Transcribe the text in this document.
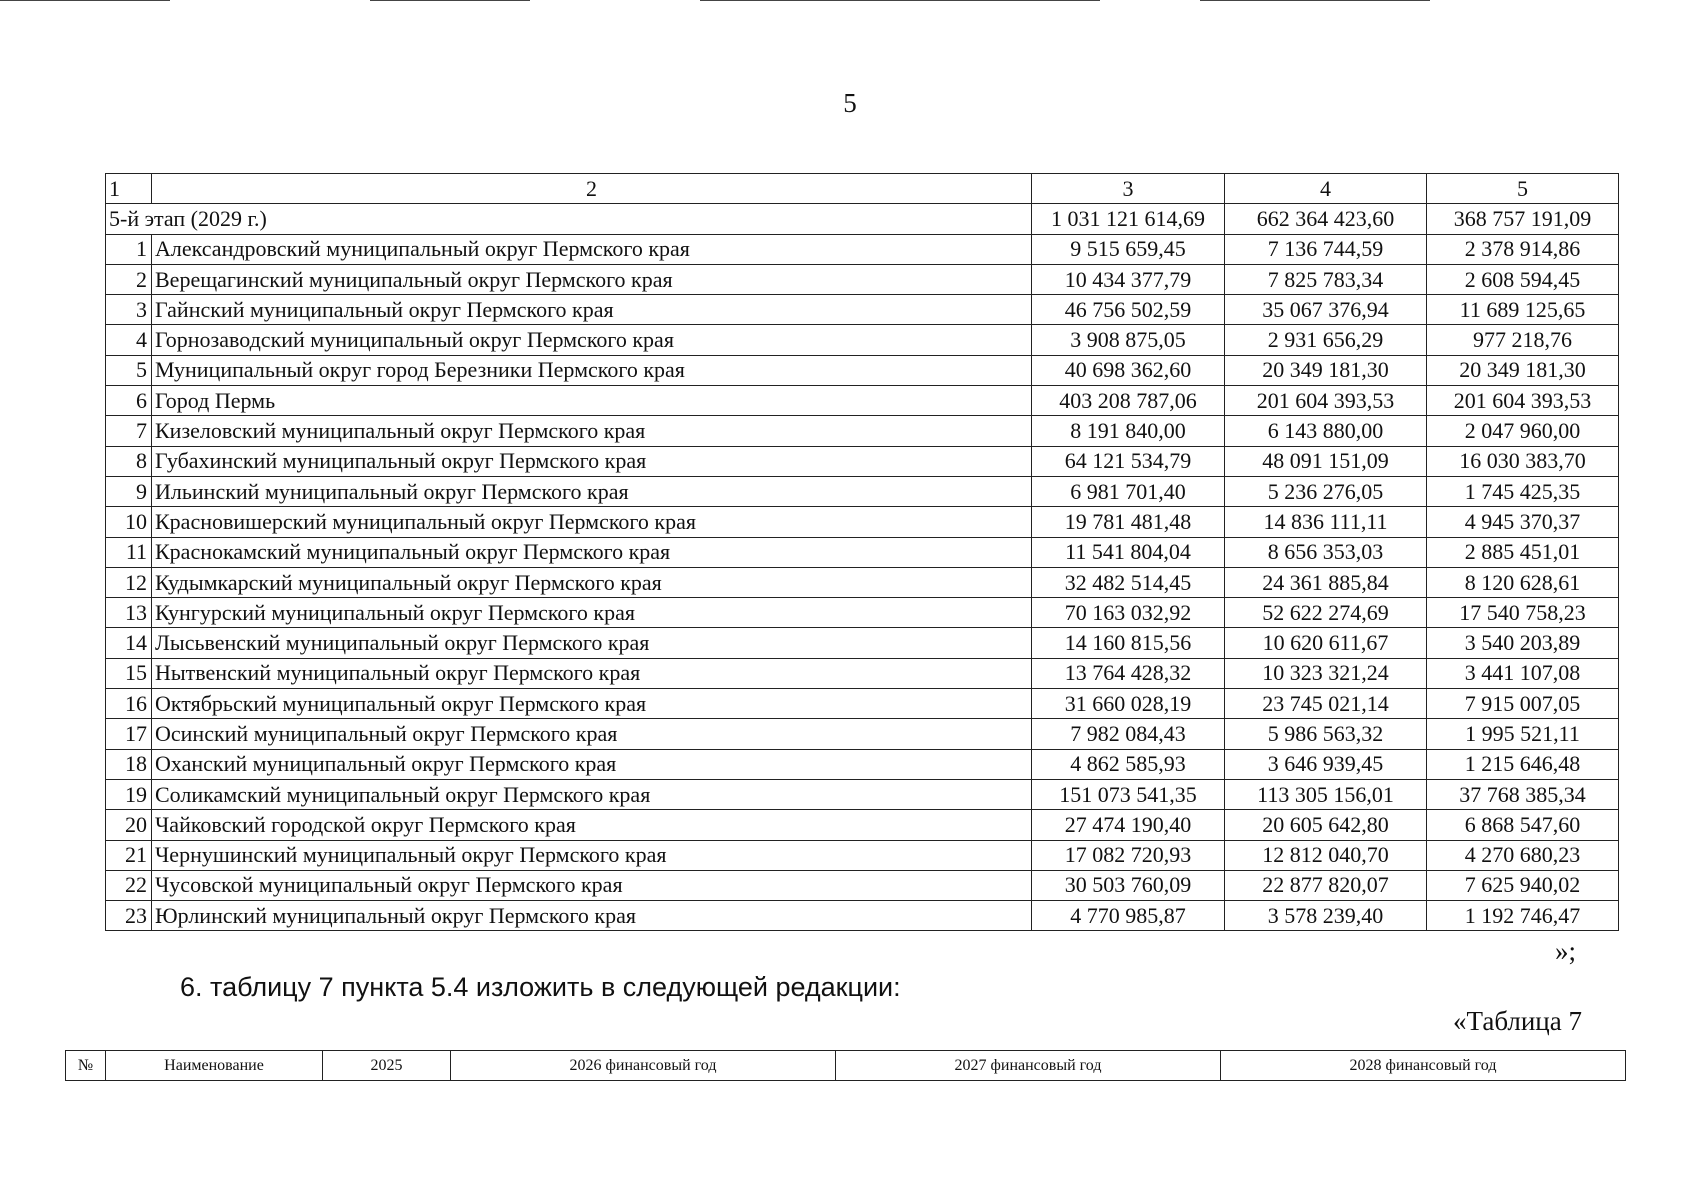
5
1	2	3	4	5
5-й этап (2029 г.)		1 031 121 614,69	662 364 423,60	368 757 191,09
1	Александровский муниципальный округ Пермского края	9 515 659,45	7 136 744,59	2 378 914,86
2	Верещагинский муниципальный округ Пермского края	10 434 377,79	7 825 783,34	2 608 594,45
3	Гайнский муниципальный округ Пермского края	46 756 502,59	35 067 376,94	11 689 125,65
4	Горнозаводский муниципальный округ Пермского края	3 908 875,05	2 931 656,29	977 218,76
5	Муниципальный округ город Березники Пермского края	40 698 362,60	20 349 181,30	20 349 181,30
6	Город Пермь	403 208 787,06	201 604 393,53	201 604 393,53
7	Кизеловский муниципальный округ Пермского края	8 191 840,00	6 143 880,00	2 047 960,00
8	Губахинский муниципальный округ Пермского края	64 121 534,79	48 091 151,09	16 030 383,70
9	Ильинский муниципальный округ Пермского края	6 981 701,40	5 236 276,05	1 745 425,35
10	Красновишерский муниципальный округ Пермского края	19 781 481,48	14 836 111,11	4 945 370,37
11	Краснокамский муниципальный округ Пермского края	11 541 804,04	8 656 353,03	2 885 451,01
12	Кудымкарский муниципальный округ Пермского края	32 482 514,45	24 361 885,84	8 120 628,61
13	Кунгурский муниципальный округ Пермского края	70 163 032,92	52 622 274,69	17 540 758,23
14	Лысьвенский муниципальный округ Пермского края	14 160 815,56	10 620 611,67	3 540 203,89
15	Нытвенский муниципальный округ Пермского края	13 764 428,32	10 323 321,24	3 441 107,08
16	Октябрьский муниципальный округ Пермского края	31 660 028,19	23 745 021,14	7 915 007,05
17	Осинский муниципальный округ Пермского края	7 982 084,43	5 986 563,32	1 995 521,11
18	Оханский муниципальный округ Пермского края	4 862 585,93	3 646 939,45	1 215 646,48
19	Соликамский муниципальный округ Пермского края	151 073 541,35	113 305 156,01	37 768 385,34
20	Чайковский городской округ Пермского края	27 474 190,40	20 605 642,80	6 868 547,60
21	Чернушинский муниципальный округ Пермского края	17 082 720,93	12 812 040,70	4 270 680,23
22	Чусовской муниципальный округ Пермского края	30 503 760,09	22 877 820,07	7 625 940,02
23	Юрлинский муниципальный округ Пермского края	4 770 985,87	3 578 239,40	1 192 746,47
»;
6. таблицу 7 пункта 5.4 изложить в следующей редакции:
«Таблица 7
№	Наименование	2025	2026 финансовый год	2027 финансовый год	2028 финансовый год
